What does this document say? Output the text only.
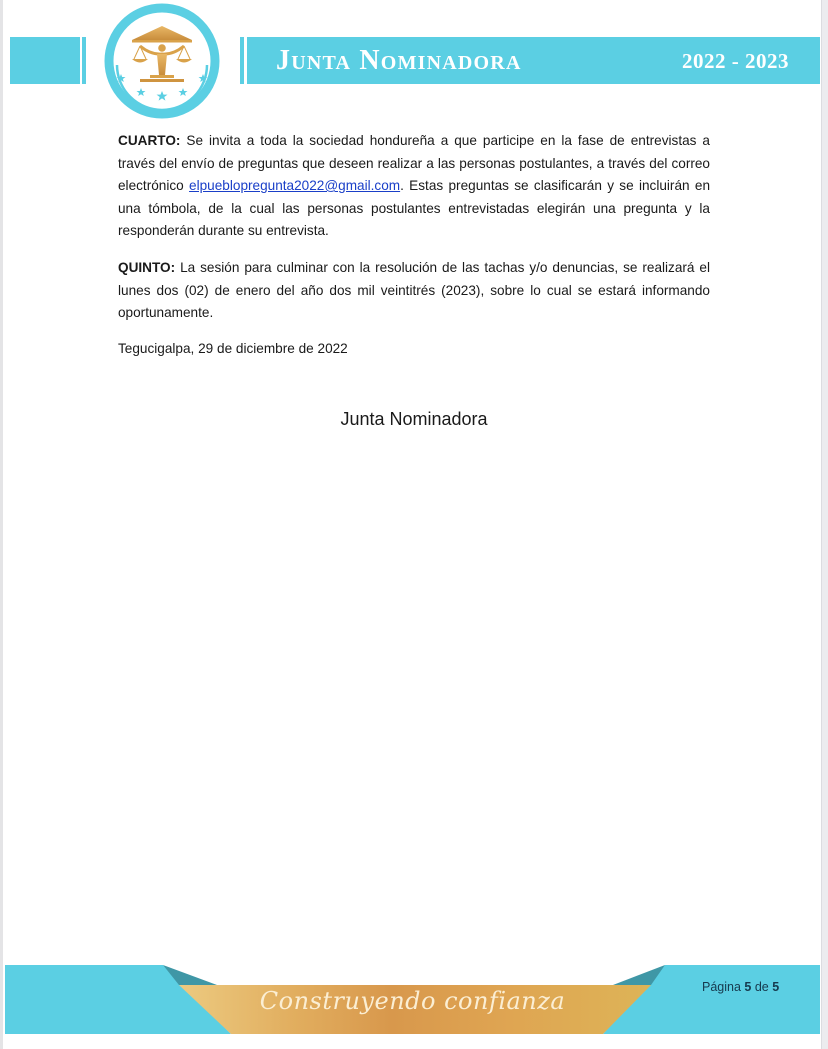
Junta Nominadora	2022 - 2023
CUARTO: Se invita a toda la sociedad hondureña a que participe en la fase de entrevistas a través del envío de preguntas que deseen realizar a las personas postulantes, a través del correo electrónico elpueblopregunta2022@gmail.com. Estas preguntas se clasificarán y se incluirán en una tómbola, de la cual las personas postulantes entrevistadas elegirán una pregunta y la responderán durante su entrevista.
QUINTO: La sesión para culminar con la resolución de las tachas y/o denuncias, se realizará el lunes dos (02) de enero del año dos mil veintitrés (2023), sobre lo cual se estará informando oportunamente.
Tegucigalpa, 29 de diciembre de 2022
Junta Nominadora
Construyendo confianza	Página 5 de 5
